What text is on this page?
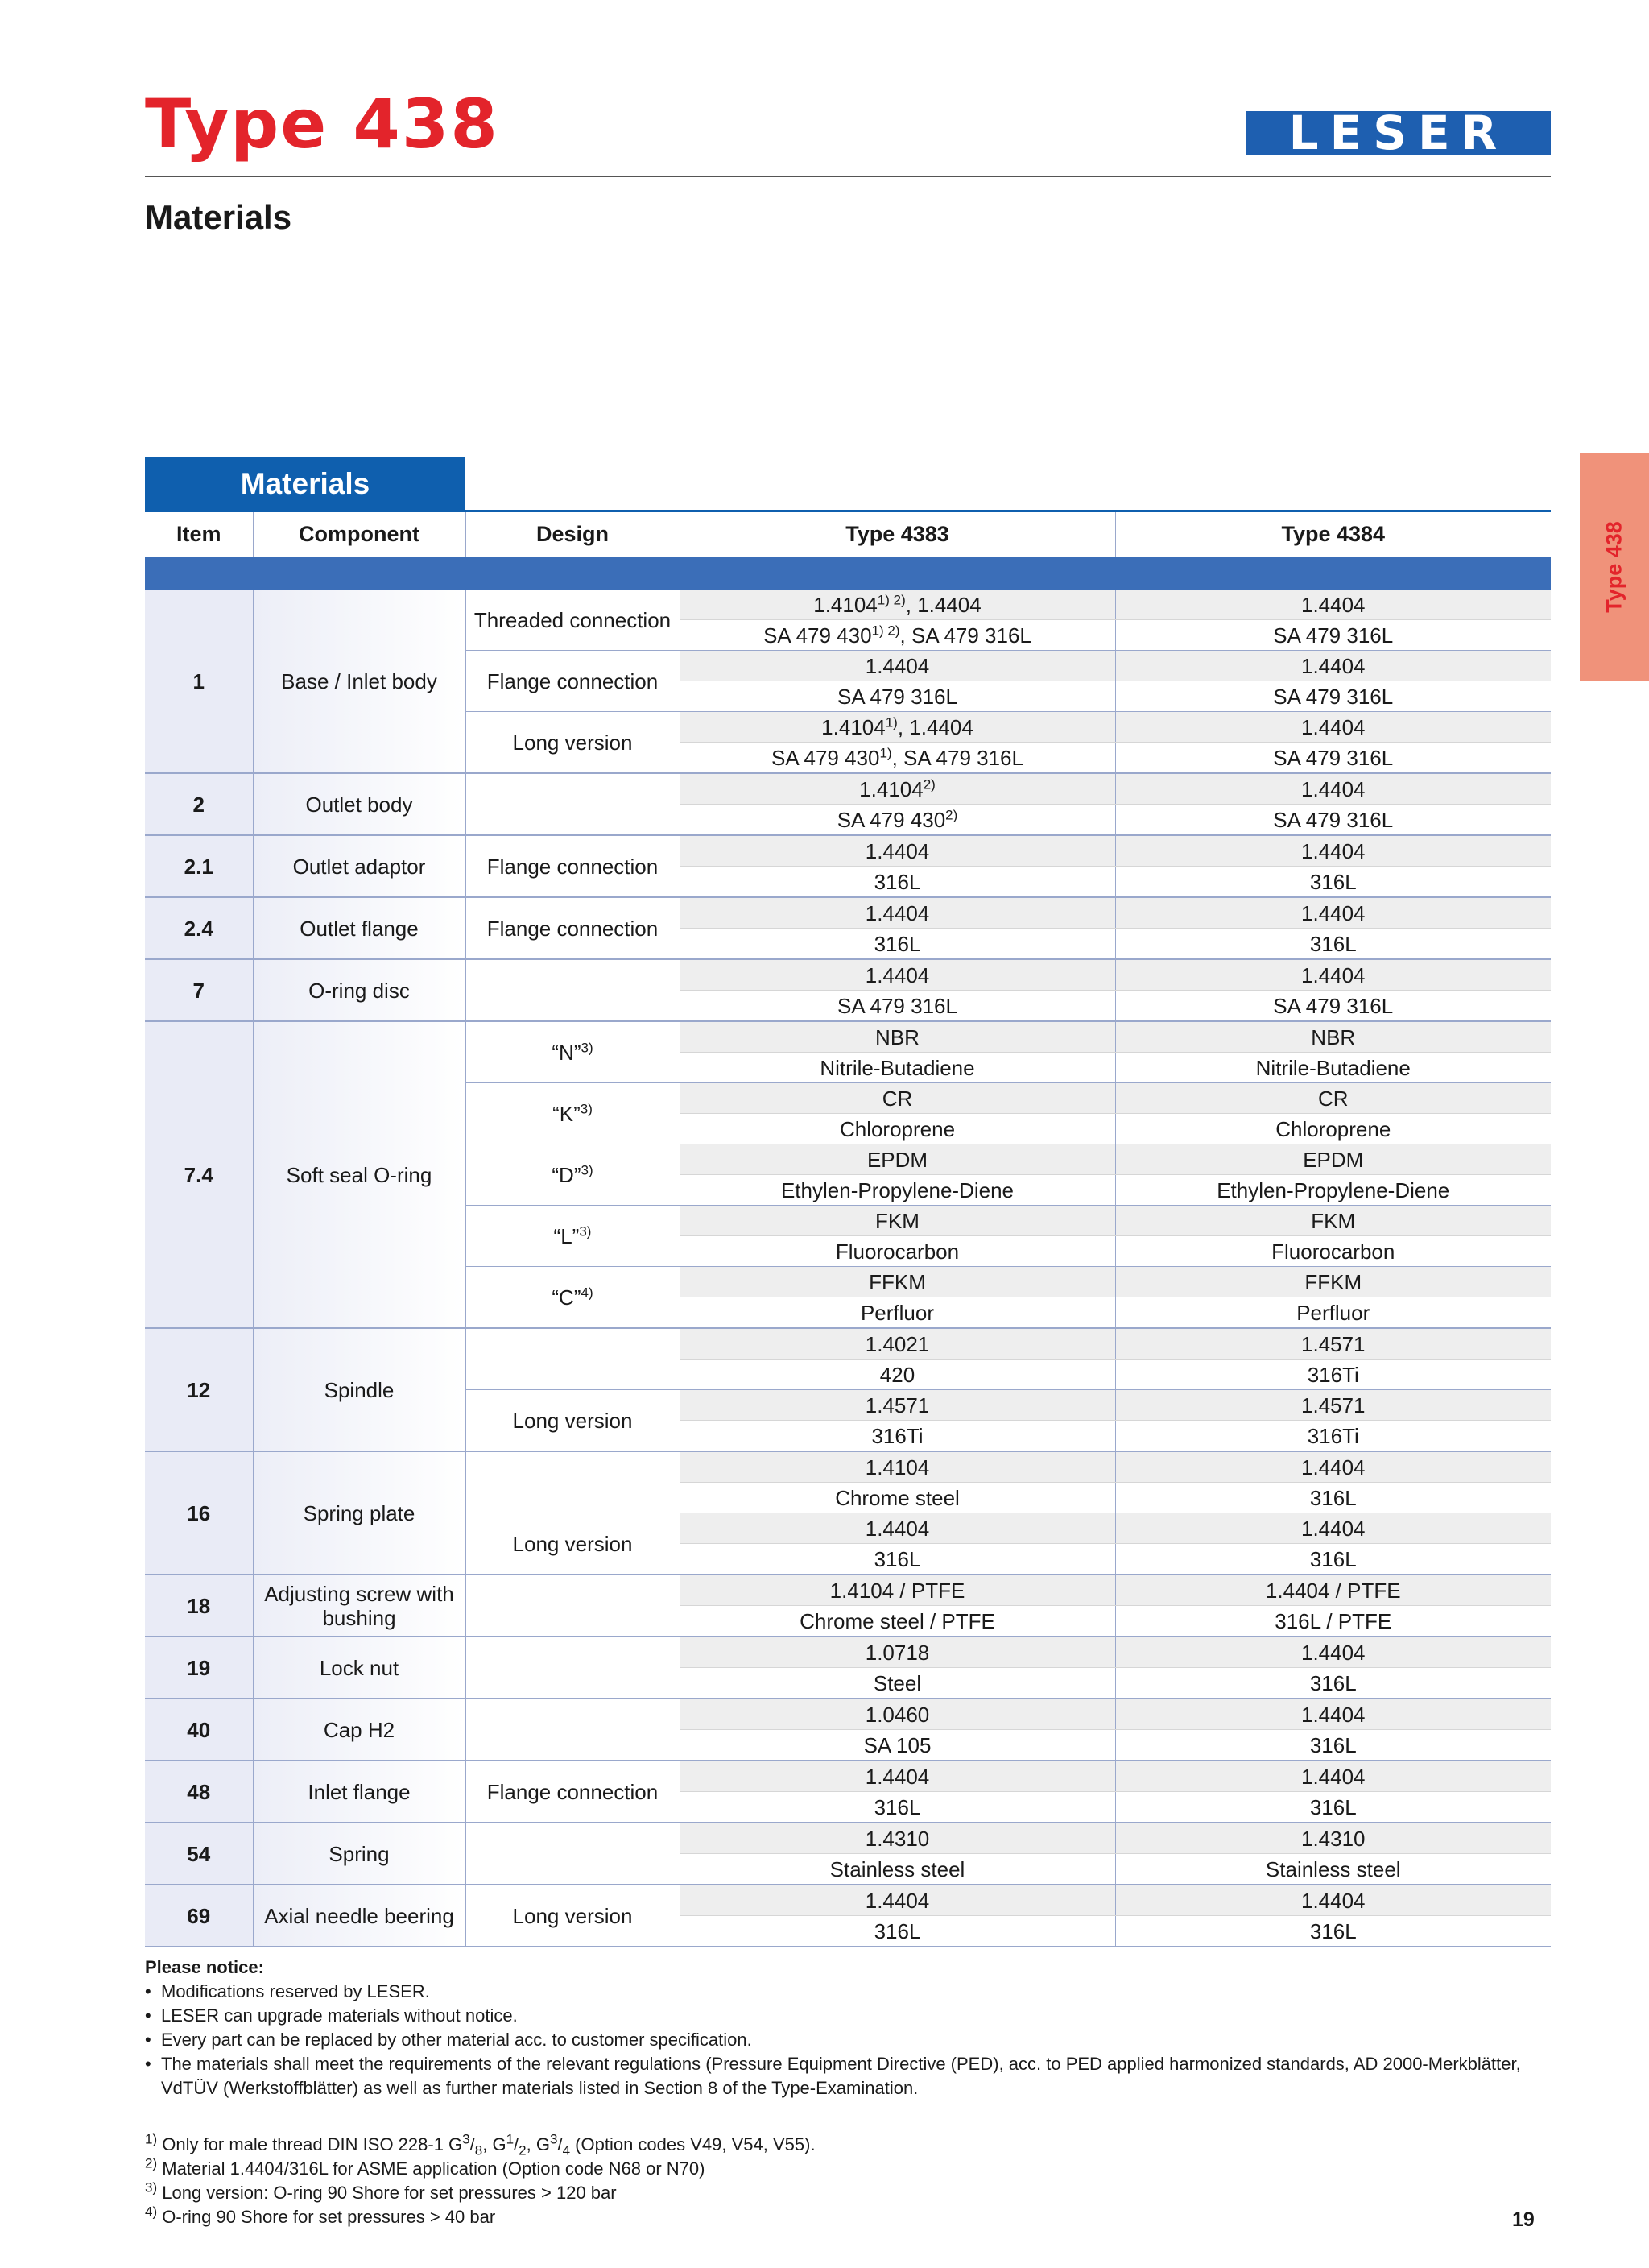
Type 438	LESER
Materials
Type 438
Materials
Item	Component	Design	Type 4383	Type 4384

1	Base / Inlet body	Threaded connection	$1.4104^{1) 2)}$, 1.4404	1.4404
			SA 479 $430^{1) 2)}$, SA 479 316L	SA 479 316L
		Flange connection	1.4404	1.4404
			SA 479 316L	SA 479 316L
		Long version	1.4104$^{1)}$, 1.4404	1.4404
			SA 479 430$^{1)}$, SA 479 316L	SA 479 316L
2	Outlet body		1.4104$^{2)}$	1.4404
			SA 479 430$^{2)}$	SA 479 316L
2.1	Outlet adaptor	Flange connection	1.4404	1.4404
			316L	316L
2.4	Outlet flange	Flange connection	1.4404	1.4404
			316L	316L
7	O-ring disc		1.4404	1.4404
			SA 479 316L	SA 479 316L
7.4	Soft seal O-ring	“N”$^{3)}$	NBR	NBR
			Nitrile-Butadiene	Nitrile-Butadiene
		“K”$^{3)}$	CR	CR
			Chloroprene	Chloroprene
		“D”$^{3)}$	EPDM	EPDM
			Ethylen-Propylene-Diene	Ethylen-Propylene-Diene
		“L”$^{3)}$	FKM	FKM
			Fluorocarbon	Fluorocarbon
		“C”$^{4)}$	FFKM	FFKM
			Perfluor	Perfluor
12	Spindle		1.4021	1.4571
			420	316Ti
		Long version	1.4571	1.4571
			316Ti	316Ti
16	Spring plate		1.4104	1.4404
			Chrome steel	316L
		Long version	1.4404	1.4404
			316L	316L
18	Adjusting screw with bushing		1.4104 / PTFE	1.4404 / PTFE
			Chrome steel / PTFE	316L / PTFE
19	Lock nut		1.0718	1.4404
			Steel	316L
40	Cap H2		1.0460	1.4404
			SA 105	316L
48	Inlet flange	Flange connection	1.4404	1.4404
			316L	316L
54	Spring		1.4310	1.4310
			Stainless steel	Stainless steel
69	Axial needle beering	Long version	1.4404	1.4404
			316L	316L
Please notice:
• Modifications reserved by LESER.
• LESER can upgrade materials without notice.
• Every part can be replaced by other material acc. to customer specification.
• The materials shall meet the requirements of the relevant regulations (Pressure Equipment Directive (PED), acc. to PED applied harmonized standards, AD 2000-Merkblätter, VdTÜV (Werkstoffblätter) as well as further materials listed in Section 8 of the Type-Examination.

$^{1)}$ Only for male thread DIN ISO 228-1 $G^3/_8$, $G^1/_2$, $G^3/_4$ (Option codes V49, V54, V55).

$^{2)}$ Material 1.4404/316L for ASME application (Option code N68 or N70)

$^{3)}$ Long version: O-ring 90 Shore for set pressures > 120 bar

$^{4)}$ O-ring 90 Shore for set pressures > 40 bar	19
